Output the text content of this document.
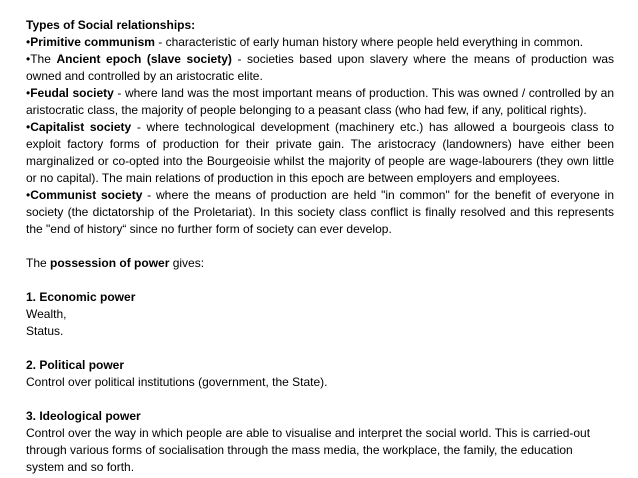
Types of Social relationships:

•Primitive communism - characteristic of early human history where people held everything in common.

•The Ancient epoch (slave society) - societies based upon slavery where the means of production was owned and controlled by an aristocratic elite.

•Feudal society - where land was the most important means of production. This was owned / controlled by an aristocratic class, the majority of people belonging to a peasant class (who had few, if any, political rights).

•Capitalist society - where technological development (machinery etc.) has allowed a bourgeois class to exploit factory forms of production for their private gain. The aristocracy (landowners) have either been marginalized or co-opted into the Bourgeoisie whilst the majority of people are wage-labourers (they own little or no capital). The main relations of production in this epoch are between employers and employees.

•Communist society - where the means of production are held "in common" for the benefit of everyone in society (the dictatorship of the Proletariat). In this society class conflict is finally resolved and this represents the "end of history“ since no further form of society can ever develop.

The possession of power gives:
1. Economic power
Wealth,
Status.
2. Political power
Control over political institutions (government, the State).
3. Ideological power
Control over the way in which people are able to visualise and interpret the social world. This is carried-out through various forms of socialisation through the mass media, the workplace, the family, the education system and so forth.
